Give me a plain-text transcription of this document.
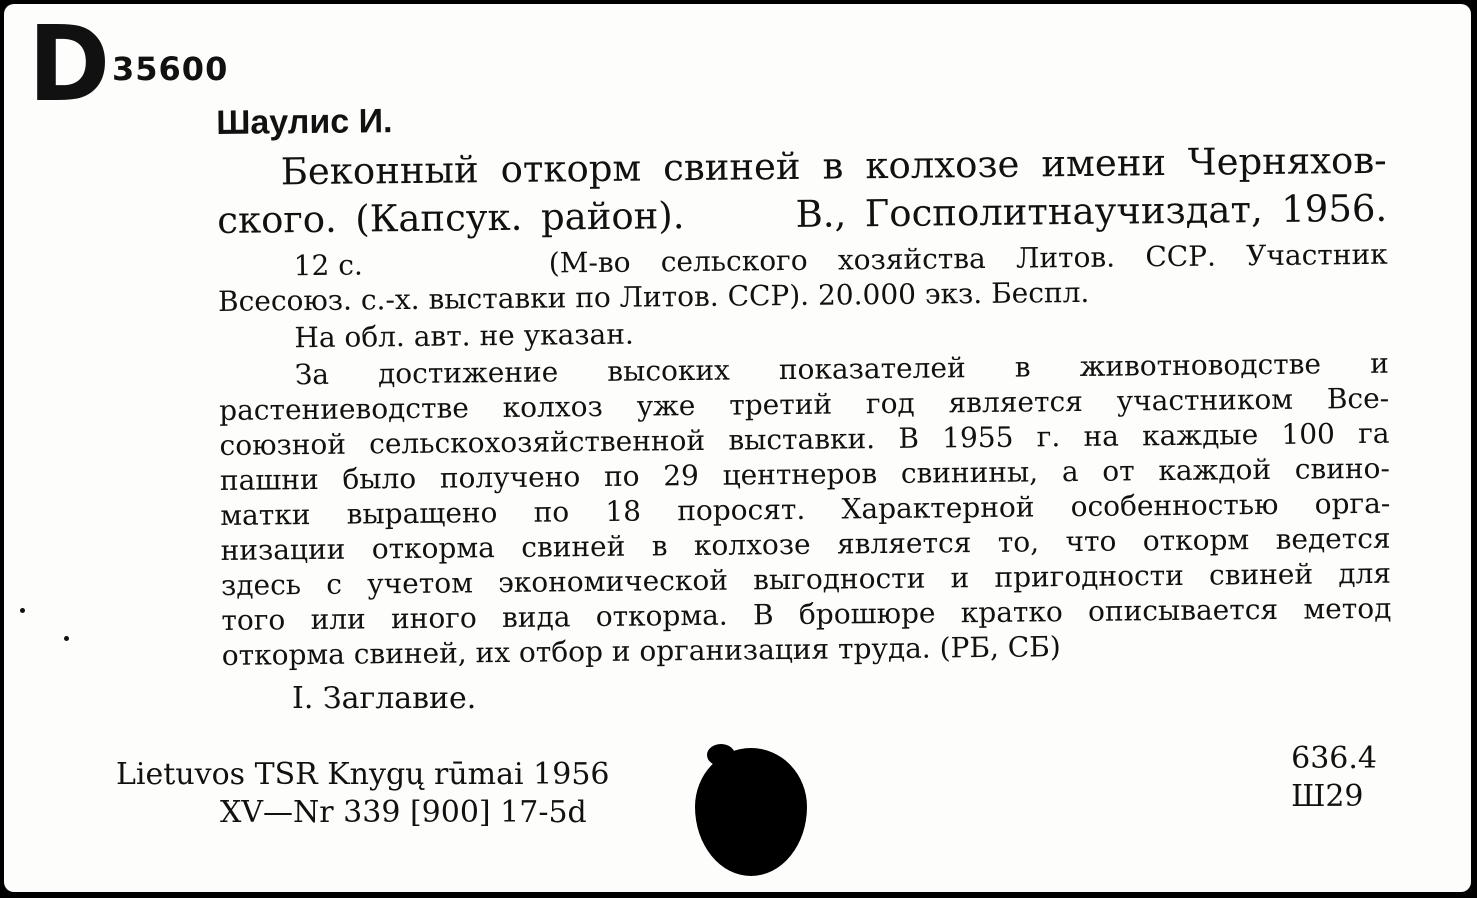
D 35600

Шаулис И.

Беконный откорм свиней в колхозе имени Черняхов-

ского. (Капсук. район).      В., Госполитнаучиздат, 1956.

12 с.	(М-во сельского хозяйства Литов. ССР. Участник

Всесоюз. с.-х. выставки по Литов. ССР). 20.000 экз. Беспл.

На обл. авт. не указан.

За достижение высоких показателей в животноводстве и

растениеводстве колхоз уже третий год является участником Все-

союзной сельскохозяйственной выставки. В 1955 г. на каждые 100 га

пашни было получено по 29 центнеров свинины, а от каждой свино-

матки выращено по 18 поросят. Характерной особенностью орга-

низации откорма свиней в колхозе является то, что откорм ведется

здесь с учетом экономической выгодности и пригодности свиней для

того или иного вида откорма. В брошюре кратко описывается метод

откорма свиней, их отбор и организация труда. (РБ, СБ)

I. Заглавие.
Lietuvos TSR Knygų rūmai 1956
XV—Nr 339 [900] 17-5d
636.4
Ш29
